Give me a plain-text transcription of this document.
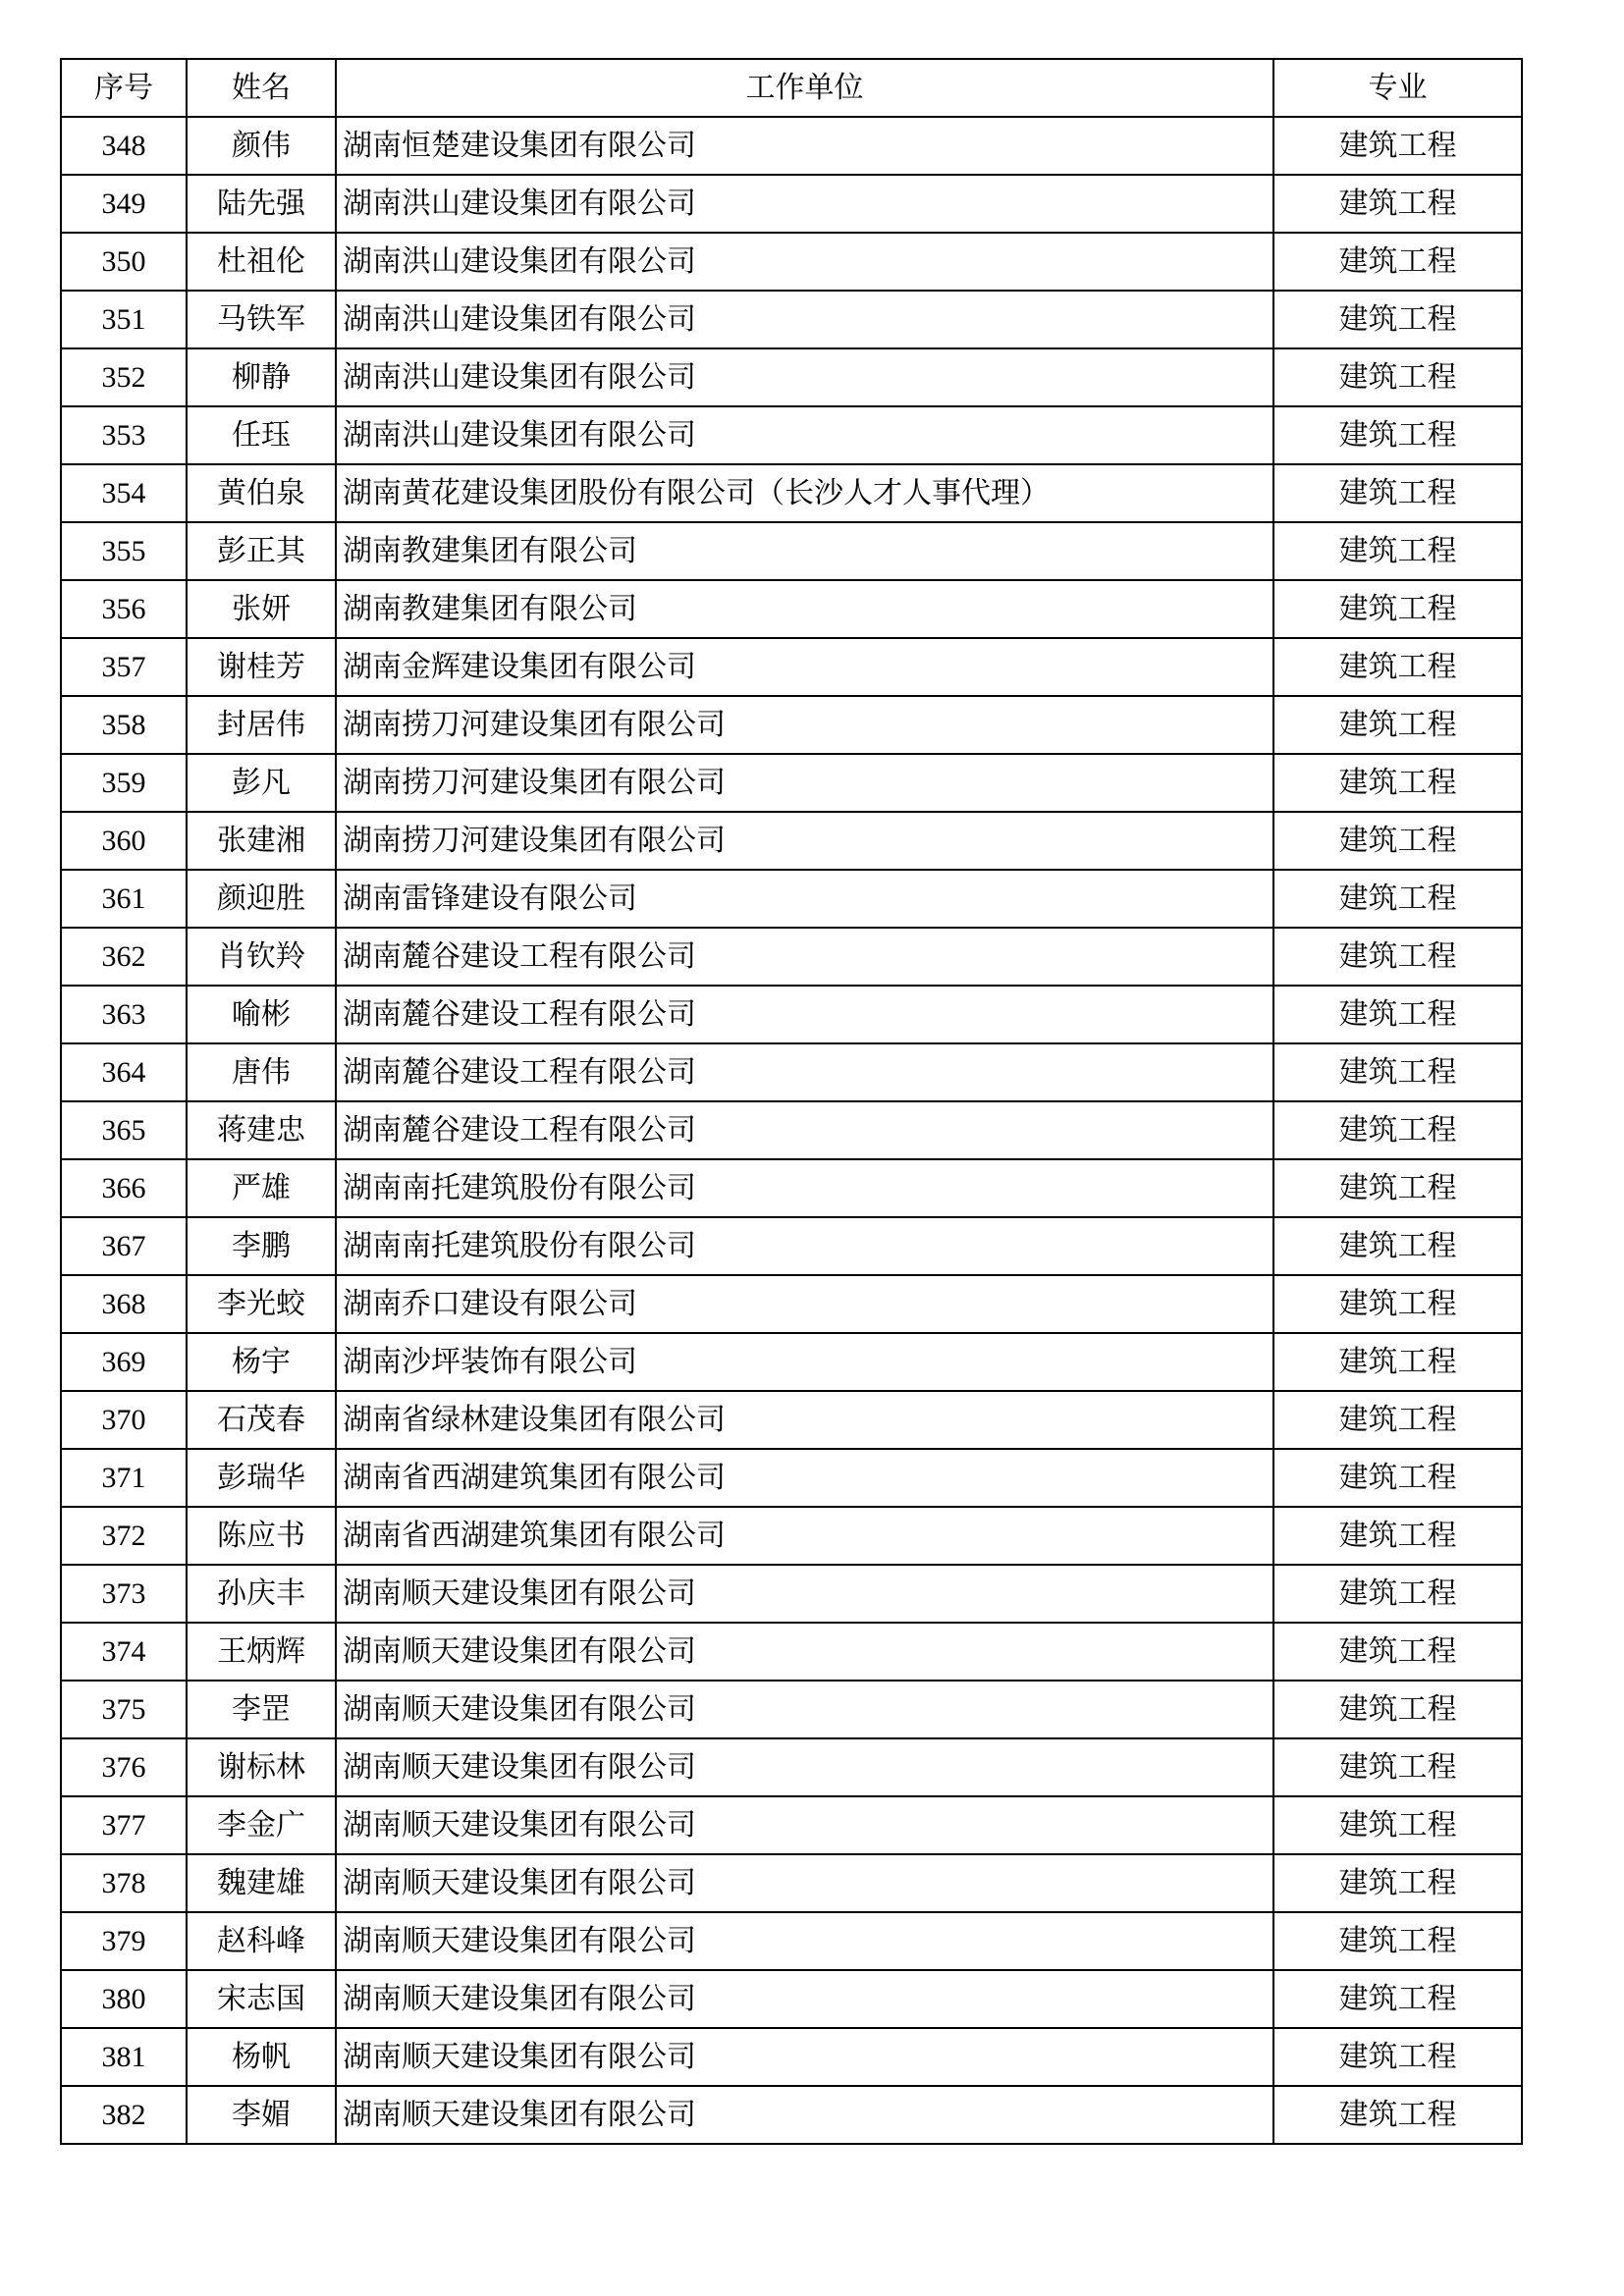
序号	姓名	工作单位	专业
348	颜伟	湖南恒楚建设集团有限公司	建筑工程
349	陆先强	湖南洪山建设集团有限公司	建筑工程
350	杜祖伦	湖南洪山建设集团有限公司	建筑工程
351	马铁军	湖南洪山建设集团有限公司	建筑工程
352	柳静	湖南洪山建设集团有限公司	建筑工程
353	任珏	湖南洪山建设集团有限公司	建筑工程
354	黄伯泉	湖南黄花建设集团股份有限公司（长沙人才人事代理）	建筑工程
355	彭正其	湖南教建集团有限公司	建筑工程
356	张妍	湖南教建集团有限公司	建筑工程
357	谢桂芳	湖南金辉建设集团有限公司	建筑工程
358	封居伟	湖南捞刀河建设集团有限公司	建筑工程
359	彭凡	湖南捞刀河建设集团有限公司	建筑工程
360	张建湘	湖南捞刀河建设集团有限公司	建筑工程
361	颜迎胜	湖南雷锋建设有限公司	建筑工程
362	肖钦羚	湖南麓谷建设工程有限公司	建筑工程
363	喻彬	湖南麓谷建设工程有限公司	建筑工程
364	唐伟	湖南麓谷建设工程有限公司	建筑工程
365	蒋建忠	湖南麓谷建设工程有限公司	建筑工程
366	严雄	湖南南托建筑股份有限公司	建筑工程
367	李鹏	湖南南托建筑股份有限公司	建筑工程
368	李光蛟	湖南乔口建设有限公司	建筑工程
369	杨宇	湖南沙坪装饰有限公司	建筑工程
370	石茂春	湖南省绿林建设集团有限公司	建筑工程
371	彭瑞华	湖南省西湖建筑集团有限公司	建筑工程
372	陈应书	湖南省西湖建筑集团有限公司	建筑工程
373	孙庆丰	湖南顺天建设集团有限公司	建筑工程
374	王炳辉	湖南顺天建设集团有限公司	建筑工程
375	李罡	湖南顺天建设集团有限公司	建筑工程
376	谢标林	湖南顺天建设集团有限公司	建筑工程
377	李金广	湖南顺天建设集团有限公司	建筑工程
378	魏建雄	湖南顺天建设集团有限公司	建筑工程
379	赵科峰	湖南顺天建设集团有限公司	建筑工程
380	宋志国	湖南顺天建设集团有限公司	建筑工程
381	杨帆	湖南顺天建设集团有限公司	建筑工程
382	李媚	湖南顺天建设集团有限公司	建筑工程
